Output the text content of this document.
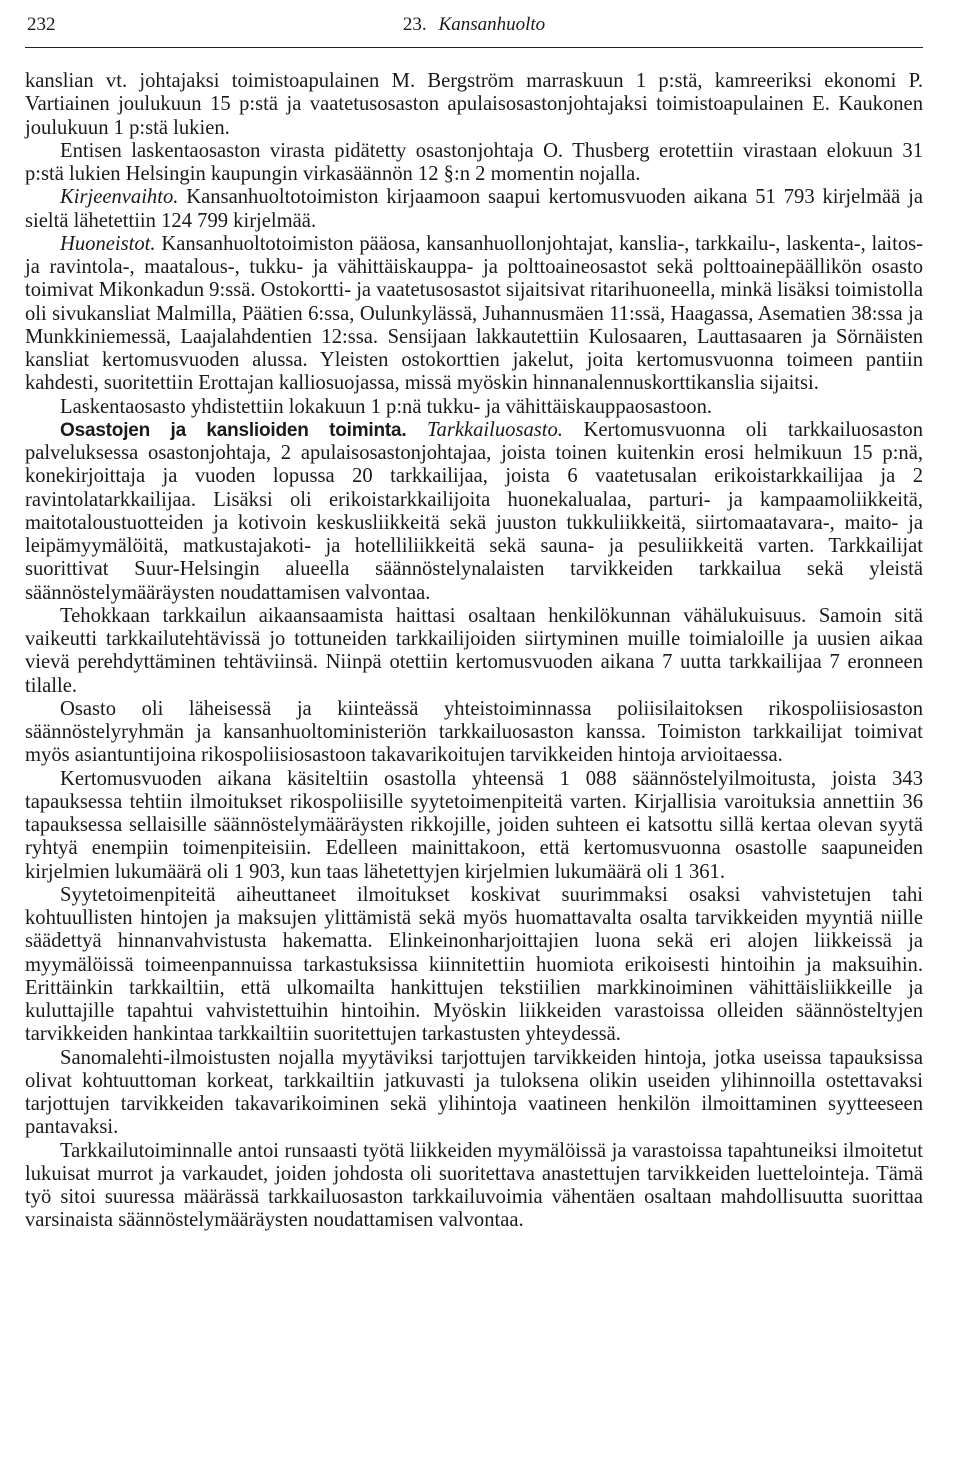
232	23. Kansanhuolto

kanslian vt. johtajaksi toimistoapulainen M. Bergström marraskuun 1 p:stä, kamreeriksi ekonomi P. Vartiainen joulukuun 15 p:stä ja vaatetusosaston apulaisosastonjohtajaksi toimistoapulainen E. Kaukonen joulukuun 1 p:stä lukien.

Entisen laskentaosaston virasta pidätetty osastonjohtaja O. Thusberg erotettiin virastaan elokuun 31 p:stä lukien Helsingin kaupungin virkasäännön 12 §:n 2 momentin nojalla.

Kirjeenvaihto. Kansanhuoltotoimiston kirjaamoon saapui kertomusvuoden aikana 51 793 kirjelmää ja sieltä lähetettiin 124 799 kirjelmää.

Huoneistot. Kansanhuoltotoimiston pääosa, kansanhuollonjohtajat, kanslia-, tarkkailu-, laskenta-, laitos- ja ravintola-, maatalous-, tukku- ja vähittäiskauppa- ja polttoaineosastot sekä polttoainepäällikön osasto toimivat Mikonkadun 9:ssä. Ostokortti- ja vaatetusosastot sijaitsivat ritarihuoneella, minkä lisäksi toimistolla oli sivukansliat Malmilla, Päätien 6:ssa, Oulunkylässä, Juhannusmäen 11:ssä, Haagassa, Asematien 38:ssa ja Munkkiniemessä, Laajalahdentien 12:ssa. Sensijaan lakkautettiin Kulosaaren, Lauttasaaren ja Sörnäisten kansliat kertomusvuoden alussa. Yleisten ostokorttien jakelut, joita kertomusvuonna toimeen pantiin kahdesti, suoritettiin Erottajan kalliosuojassa, missä myöskin hinnanalennuskorttikanslia sijaitsi.

Laskentaosasto yhdistettiin lokakuun 1 p:nä tukku- ja vähittäiskauppaosastoon.

Osastojen ja kanslioiden toiminta. Tarkkailuosasto. Kertomusvuonna oli tarkkailuosaston palveluksessa osastonjohtaja, 2 apulaisosastonjohtajaa, joista toinen kuitenkin erosi helmikuun 15 p:nä, konekirjoittaja ja vuoden lopussa 20 tarkkailijaa, joista 6 vaatetusalan erikoistarkkailijaa ja 2 ravintolatarkkailijaa. Lisäksi oli erikoistarkkailijoita huonekalualaa, parturi- ja kampaamoliikkeitä, maitotaloustuotteiden ja kotivoin keskusliikkeitä sekä juuston tukkuliikkeitä, siirtomaatavara-, maito- ja leipämyymälöitä, matkustajakoti- ja hotelliliikkeitä sekä sauna- ja pesuliikkeitä varten. Tarkkailijat suorittivat Suur-Helsingin alueella säännöstelynalaisten tarvikkeiden tarkkailua sekä yleistä säännöstelymääräysten noudattamisen valvontaa.

Tehokkaan tarkkailun aikaansaamista haittasi osaltaan henkilökunnan vähälukuisuus. Samoin sitä vaikeutti tarkkailutehtävissä jo tottuneiden tarkkailijoiden siirtyminen muille toimialoille ja uusien aikaa vievä perehdyttäminen tehtäviinsä. Niinpä otettiin kertomusvuoden aikana 7 uutta tarkkailijaa 7 eronneen tilalle.

Osasto oli läheisessä ja kiinteässä yhteistoiminnassa poliisilaitoksen rikospoliisiosaston säännöstelyryhmän ja kansanhuoltoministeriön tarkkailuosaston kanssa. Toimiston tarkkailijat toimivat myös asiantuntijoina rikospoliisiosastoon takavarikoitujen tarvikkeiden hintoja arvioitaessa.

Kertomusvuoden aikana käsiteltiin osastolla yhteensä 1 088 säännöstelyilmoitusta, joista 343 tapauksessa tehtiin ilmoitukset rikospoliisille syytetoimenpiteitä varten. Kirjallisia varoituksia annettiin 36 tapauksessa sellaisille säännöstelymääräysten rikkojille, joiden suhteen ei katsottu sillä kertaa olevan syytä ryhtyä enempiin toimenpiteisiin. Edelleen mainittakoon, että kertomusvuonna osastolle saapuneiden kirjelmien lukumäärä oli 1 903, kun taas lähetettyjen kirjelmien lukumäärä oli 1 361.

Syytetoimenpiteitä aiheuttaneet ilmoitukset koskivat suurimmaksi osaksi vahvistetujen tahi kohtuullisten hintojen ja maksujen ylittämistä sekä myös huomattavalta osalta tarvikkeiden myyntiä niille säädettyä hinnanvahvistusta hakematta. Elinkeinonharjoittajien luona sekä eri alojen liikkeissä ja myymälöissä toimeenpannuissa tarkastuksissa kiinnitettiin huomiota erikoisesti hintoihin ja maksuihin. Erittäinkin tarkkailtiin, että ulkomailta hankittujen tekstiilien markkinoiminen vähittäisliikkeille ja kuluttajille tapahtui vahvistettuihin hintoihin. Myöskin liikkeiden varastoissa olleiden säännösteltyjen tarvikkeiden hankintaa tarkkailtiin suoritettujen tarkastusten yhteydessä.

Sanomalehti-ilmoistusten nojalla myytäviksi tarjottujen tarvikkeiden hintoja, jotka useissa tapauksissa olivat kohtuuttoman korkeat, tarkkailtiin jatkuvasti ja tuloksena olikin useiden ylihinnoilla ostettavaksi tarjottujen tarvikkeiden takavarikoiminen sekä ylihintoja vaatineen henkilön ilmoittaminen syytteeseen pantavaksi.

Tarkkailutoiminnalle antoi runsaasti työtä liikkeiden myymälöissä ja varastoissa tapahtuneiksi ilmoitetut lukuisat murrot ja varkaudet, joiden johdosta oli suoritettava anastettujen tarvikkeiden luettelointeja. Tämä työ sitoi suuressa määrässä tarkkailuosaston tarkkailuvoimia vähentäen osaltaan mahdollisuutta suorittaa varsinaista säännöstelymääräysten noudattamisen valvontaa.
